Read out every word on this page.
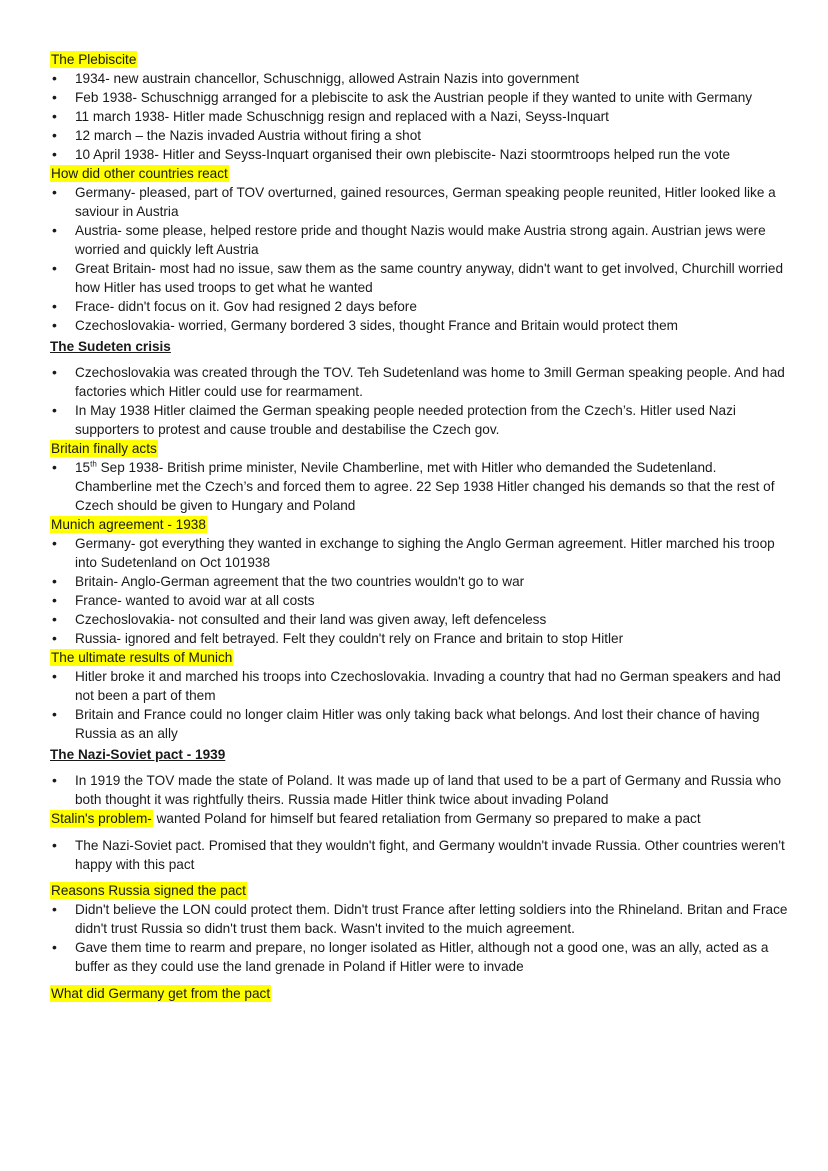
The Plebiscite
• 1934- new austrain chancellor, Schuschnigg, allowed Astrain Nazis into government
• Feb 1938- Schuschnigg arranged for a plebiscite to ask the Austrian people if they wanted to unite with Germany
• 11 march 1938- Hitler made Schuschnigg resign and replaced with a Nazi, Seyss-Inquart
• 12 march – the Nazis invaded Austria without firing a shot
• 10 April 1938- Hitler and Seyss-Inquart organised their own plebiscite- Nazi stoormtroops helped run the vote
How did other countries react
• Germany- pleased, part of TOV overturned, gained resources, German speaking people reunited, Hitler looked like a saviour in Austria
• Austria- some please, helped restore pride and thought Nazis would make Austria strong again. Austrian jews were worried and quickly left Austria
• Great Britain- most had no issue, saw them as the same country anyway, didn't want to get involved, Churchill worried how Hitler has used troops to get what he wanted
• Frace- didn't focus on it. Gov had resigned 2 days before
• Czechoslovakia- worried, Germany bordered 3 sides, thought France and Britain would protect them
The Sudeten crisis
• Czechoslovakia was created through the TOV. Teh Sudetenland was home to 3mill German speaking people. And had factories which Hitler could use for rearmament.
• In May 1938 Hitler claimed the German speaking people needed protection from the Czech’s. Hitler used Nazi supporters to protest and cause trouble and destabilise the Czech gov.
Britain finally acts
• 15th Sep 1938- British prime minister, Nevile Chamberline, met with Hitler who demanded the Sudetenland. Chamberline met the Czech’s and forced them to agree. 22 Sep 1938 Hitler changed his demands so that the rest of Czech should be given to Hungary and Poland
Munich agreement - 1938
• Germany- got everything they wanted in exchange to sighing the Anglo German agreement. Hitler marched his troop into Sudetenland on Oct 101938
• Britain- Anglo-German agreement that the two countries wouldn't go to war
• France- wanted to avoid war at all costs
• Czechoslovakia- not consulted and their land was given away, left defenceless
• Russia- ignored and felt betrayed. Felt they couldn't rely on France and britain to stop Hitler
The ultimate results of Munich
• Hitler broke it and marched his troops into Czechoslovakia. Invading a country that had no German speakers and had not been a part of them
• Britain and France could no longer claim Hitler was only taking back what belongs. And lost their chance of having Russia as an ally
The Nazi-Soviet pact - 1939
• In 1919 the TOV made the state of Poland. It was made up of land that used to be a part of Germany and Russia who both thought it was rightfully theirs. Russia made Hitler think twice about invading Poland
Stalin's problem- wanted Poland for himself but feared retaliation from Germany so prepared to make a pact
• The Nazi-Soviet pact. Promised that they wouldn't fight, and Germany wouldn't invade Russia. Other countries weren't happy with this pact
Reasons Russia signed the pact
• Didn't believe the LON could protect them. Didn't trust France after letting soldiers into the Rhineland. Britan and Frace didn't trust Russia so didn't trust them back. Wasn't invited to the muich agreement.
• Gave them time to rearm and prepare, no longer isolated as Hitler, although not a good one, was an ally, acted as a buffer as they could use the land grenade in Poland if Hitler were to invade
What did Germany get from the pact
